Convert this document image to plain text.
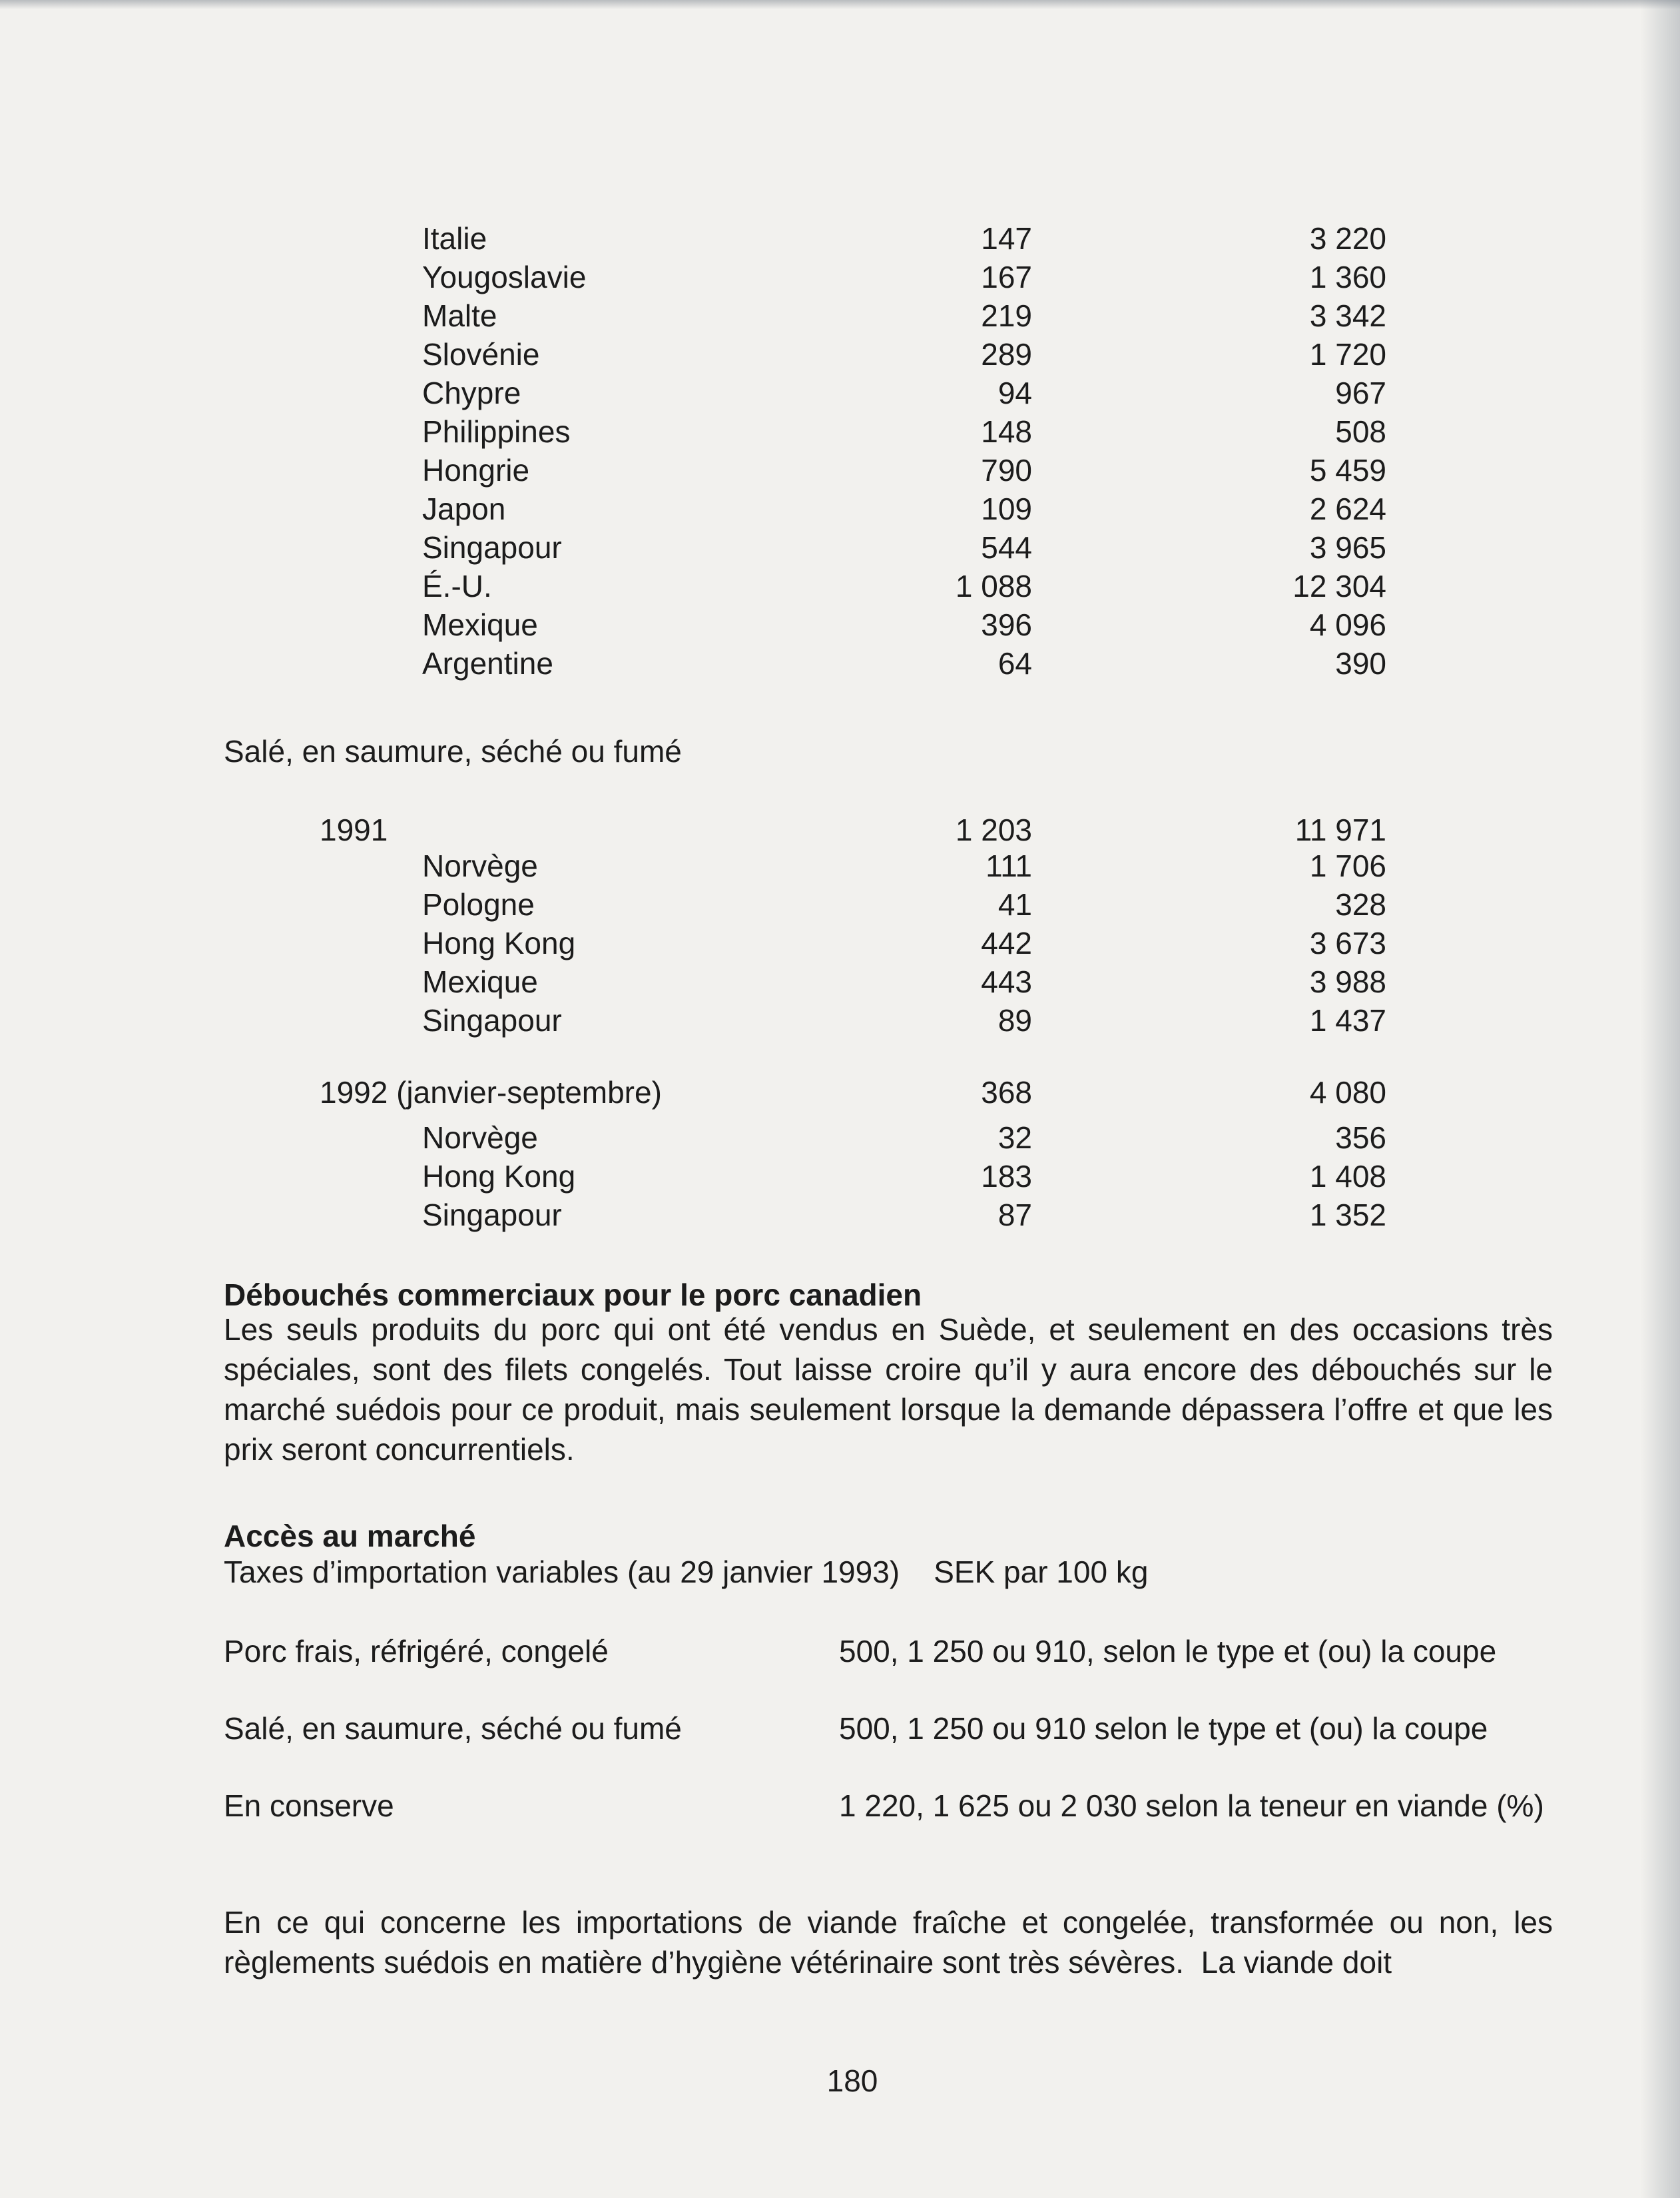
Italie	147	3 220
Yougoslavie	167	1 360
Malte	219	3 342
Slovénie	289	1 720
Chypre	94	967
Philippines	148	508
Hongrie	790	5 459
Japon	109	2 624
Singapour	544	3 965
É.-U.	1 088	12 304
Mexique	396	4 096
Argentine	64	390
Salé, en saumure, séché ou fumé
1991	1 203	11 971
Norvège	111	1 706
Pologne	41	328
Hong Kong	442	3 673
Mexique	443	3 988
Singapour	89	1 437
1992 (janvier-septembre)	368	4 080
Norvège	32	356
Hong Kong	183	1 408
Singapour	87	1 352
Débouchés commerciaux pour le porc canadien
Les seuls produits du porc qui ont été vendus en Suède, et seulement en des occasions très spéciales, sont des filets congelés. Tout laisse croire qu’il y aura encore des débouchés sur le marché suédois pour ce produit, mais seulement lorsque la demande dépassera l’offre et que les prix seront concurrentiels.
Accès au marché
Taxes d’importation variables (au 29 janvier 1993)    SEK par 100 kg
Porc frais, réfrigéré, congelé	500, 1 250 ou 910, selon le type et (ou) la coupe
Salé, en saumure, séché ou fumé	500, 1 250 ou 910 selon le type et (ou) la coupe
En conserve	1 220, 1 625 ou 2 030 selon la teneur en viande (%)
En ce qui concerne les importations de viande fraîche et congelée, transformée ou non, les règlements suédois en matière d’hygiène vétérinaire sont très sévères.  La viande doit
180
